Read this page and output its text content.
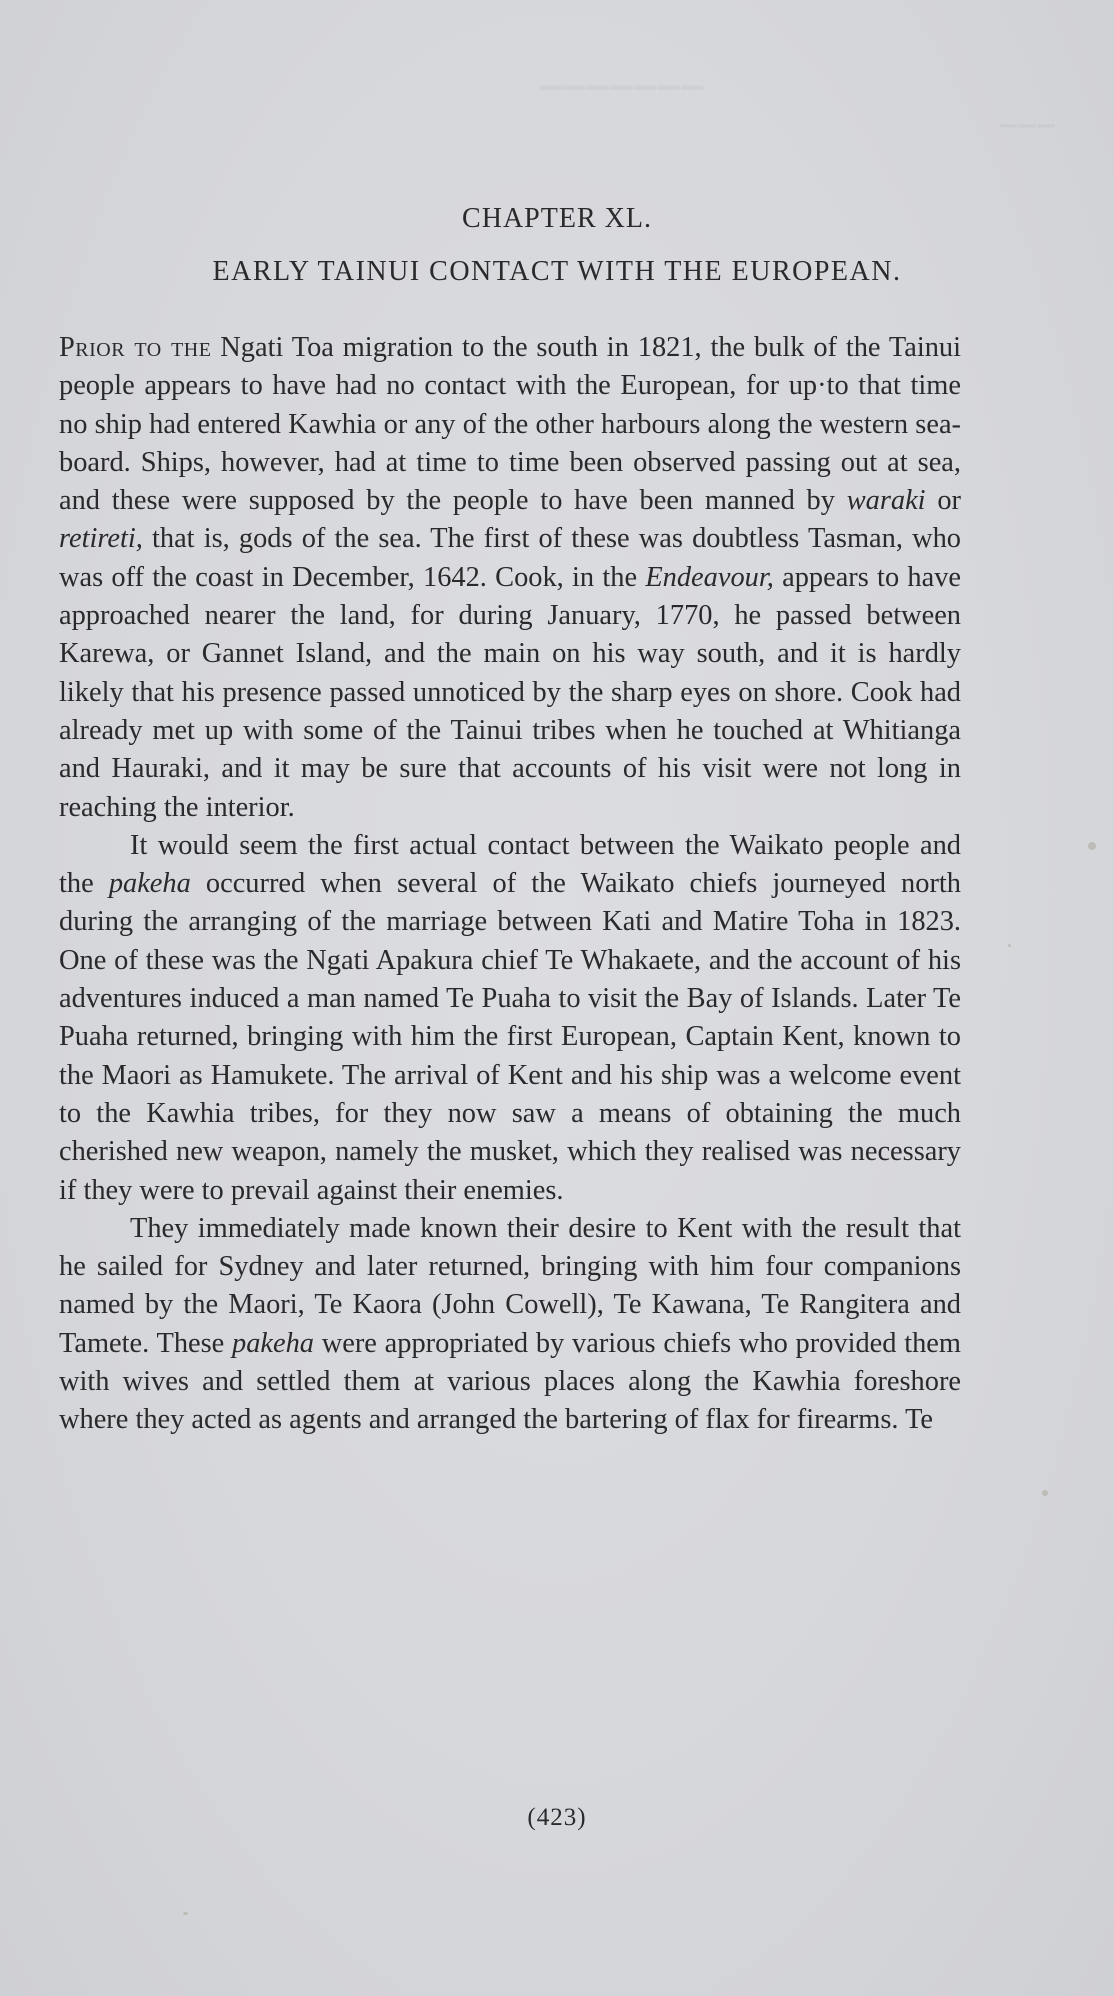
▁▁▁
▁▁▁▁▁▁▁
CHAPTER XL.
EARLY TAINUI CONTACT WITH THE EUROPEAN.

Prior to the Ngati Toa migration to the south in 1821, the bulk of the Tainui people appears to have had no contact with the European, for up·to that time no ship had entered Kawhia or any of the other harbours along the western sea-board. Ships, however, had at time to time been observed passing out at sea, and these were supposed by the people to have been manned by waraki or retireti, that is, gods of the sea. The first of these was doubtless Tasman, who was off the coast in December, 1642. Cook, in the Endeavour, appears to have approached nearer the land, for during January, 1770, he passed between Karewa, or Gannet Island, and the main on his way south, and it is hardly likely that his presence passed unnoticed by the sharp eyes on shore. Cook had already met up with some of the Tainui tribes when he touched at Whitianga and Hauraki, and it may be sure that accounts of his visit were not long in reaching the interior.

It would seem the first actual contact between the Waikato people and the pakeha occurred when several of the Waikato chiefs journeyed north during the arranging of the marriage between Kati and Matire Toha in 1823. One of these was the Ngati Apakura chief Te Whakaete, and the account of his adventures induced a man named Te Puaha to visit the Bay of Islands. Later Te Puaha returned, bringing with him the first European, Captain Kent, known to the Maori as Hamukete. The arrival of Kent and his ship was a welcome event to the Kawhia tribes, for they now saw a means of obtaining the much cherished new weapon, namely the musket, which they realised was necessary if they were to prevail against their enemies.

They immediately made known their desire to Kent with the result that he sailed for Sydney and later returned, bringing with him four companions named by the Maori, Te Kaora (John Cowell), Te Kawana, Te Rangitera and Tamete. These pakeha were appropriated by various chiefs who provided them with wives and settled them at various places along the Kawhia foreshore where they acted as agents and arranged the bartering of flax for firearms. Te

(423)
